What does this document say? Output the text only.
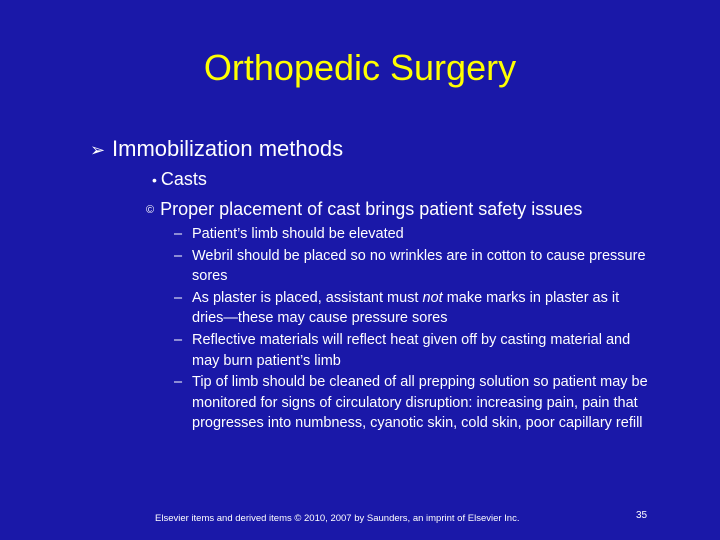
Orthopedic Surgery
➢ Immobilization methods
• Casts
© Proper placement of cast brings patient safety issues
– Patient’s limb should be elevated
– Webril should be placed so no wrinkles are in cotton to cause pressure sores
– As plaster is placed, assistant must not make marks in plaster as it dries—these may cause pressure sores
– Reflective materials will reflect heat given off by casting material and may burn patient’s limb
– Tip of limb should be cleaned of all prepping solution so patient may be monitored for signs of circulatory disruption: increasing pain, pain that progresses into numbness, cyanotic skin, cold skin, poor capillary refill
Elsevier items and derived items © 2010, 2007 by Saunders, an imprint of Elsevier Inc.	35
